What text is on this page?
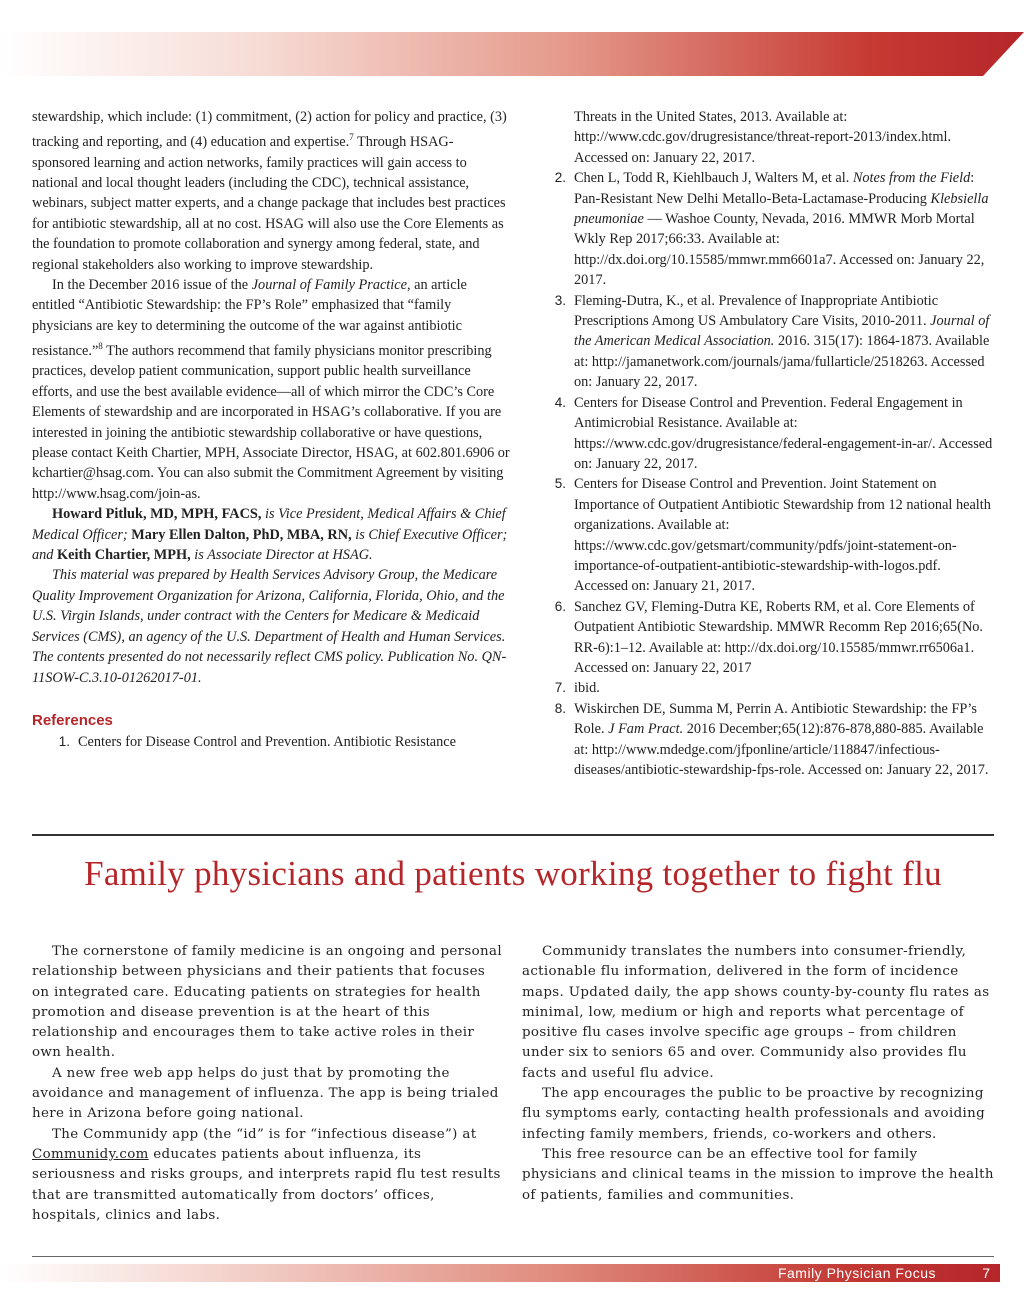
stewardship, which include: (1) commitment, (2) action for policy and practice, (3) tracking and reporting, and (4) education and expertise.$^7$ Through HSAG-sponsored learning and action networks, family practices will gain access to national and local thought leaders (including the CDC), technical assistance, webinars, subject matter experts, and a change package that includes best practices for antibiotic stewardship, all at no cost. HSAG will also use the Core Elements as the foundation to promote collaboration and synergy among federal, state, and regional stakeholders also working to improve stewardship.

In the December 2016 issue of the Journal of Family Practice, an article entitled “Antibiotic Stewardship: the FP’s Role” emphasized that “family physicians are key to determining the outcome of the war against antibiotic resistance.”$^8$ The authors recommend that family physicians monitor prescribing practices, develop patient communication, support public health surveillance efforts, and use the best available evidence—all of which mirror the CDC’s Core Elements of stewardship and are incorporated in HSAG’s collaborative. If you are interested in joining the antibiotic stewardship collaborative or have questions, please contact Keith Chartier, MPH, Associate Director, HSAG, at 602.801.6906 or kchartier@hsag.com. You can also submit the Commitment Agreement by visiting http://www.hsag.com/join-as.

Howard Pitluk, MD, MPH, FACS, is Vice President, Medical Affairs & Chief Medical Officer; Mary Ellen Dalton, PhD, MBA, RN, is Chief Executive Officer; and Keith Chartier, MPH, is Associate Director at HSAG.

This material was prepared by Health Services Advisory Group, the Medicare Quality Improvement Organization for Arizona, California, Florida, Ohio, and the U.S. Virgin Islands, under contract with the Centers for Medicare & Medicaid Services (CMS), an agency of the U.S. Department of Health and Human Services. The contents presented do not necessarily reflect CMS policy. Publication No. QN-11SOW-C.3.10-01262017-01.

References
1. Centers for Disease Control and Prevention. Antibiotic Resistance
Threats in the United States, 2013. Available at: http://www.cdc.gov/drugresistance/threat-report-2013/index.html. Accessed on: January 22, 2017.
2. Chen L, Todd R, Kiehlbauch J, Walters M, et al. Notes from the Field: Pan-Resistant New Delhi Metallo-Beta-Lactamase-Producing Klebsiella pneumoniae — Washoe County, Nevada, 2016. MMWR Morb Mortal Wkly Rep 2017;66:33. Available at: http://dx.doi.org/10.15585/mmwr.mm6601a7. Accessed on: January 22, 2017.
3. Fleming-Dutra, K., et al. Prevalence of Inappropriate Antibiotic Prescriptions Among US Ambulatory Care Visits, 2010-2011. Journal of the American Medical Association. 2016. 315(17): 1864-1873. Available at: http://jamanetwork.com/journals/jama/fullarticle/2518263. Accessed on: January 22, 2017.
4. Centers for Disease Control and Prevention. Federal Engagement in Antimicrobial Resistance. Available at: https://www.cdc.gov/drugresistance/federal-engagement-in-ar/. Accessed on: January 22, 2017.
5. Centers for Disease Control and Prevention. Joint Statement on Importance of Outpatient Antibiotic Stewardship from 12 national health organizations. Available at: https://www.cdc.gov/getsmart/community/pdfs/joint-statement-on-importance-of-outpatient-antibiotic-stewardship-with-logos.pdf. Accessed on: January 21, 2017.
6. Sanchez GV, Fleming-Dutra KE, Roberts RM, et al. Core Elements of Outpatient Antibiotic Stewardship. MMWR Recomm Rep 2016;65(No. RR-6):1–12. Available at: http://dx.doi.org/10.15585/mmwr.rr6506a1. Accessed on: January 22, 2017
7. ibid.
8. Wiskirchen DE, Summa M, Perrin A. Antibiotic Stewardship: the FP’s Role. J Fam Pract. 2016 December;65(12):876-878,880-885. Available at: http://www.mdedge.com/jfponline/article/118847/infectious-diseases/antibiotic-stewardship-fps-role. Accessed on: January 22, 2017.
Family physicians and patients working together to fight flu

The cornerstone of family medicine is an ongoing and personal relationship between physicians and their patients that focuses on integrated care. Educating patients on strategies for health promotion and disease prevention is at the heart of this relationship and encourages them to take active roles in their own health.

A new free web app helps do just that by promoting the avoidance and management of influenza. The app is being trialed here in Arizona before going national.

The Communidy app (the “id” is for “infectious disease”) at Communidy.com educates patients about influenza, its seriousness and risks groups, and interprets rapid flu test results that are transmitted automatically from doctors’ offices, hospitals, clinics and labs.

Communidy translates the numbers into consumer-friendly, actionable flu information, delivered in the form of incidence maps. Updated daily, the app shows county-by-county flu rates as minimal, low, medium or high and reports what percentage of positive flu cases involve specific age groups – from children under six to seniors 65 and over. Communidy also provides flu facts and useful flu advice.

The app encourages the public to be proactive by recognizing flu symptoms early, contacting health professionals and avoiding infecting family members, friends, co-workers and others.

This free resource can be an effective tool for family physicians and clinical teams in the mission to improve the health of patients, families and communities.

Family Physician Focus	7
